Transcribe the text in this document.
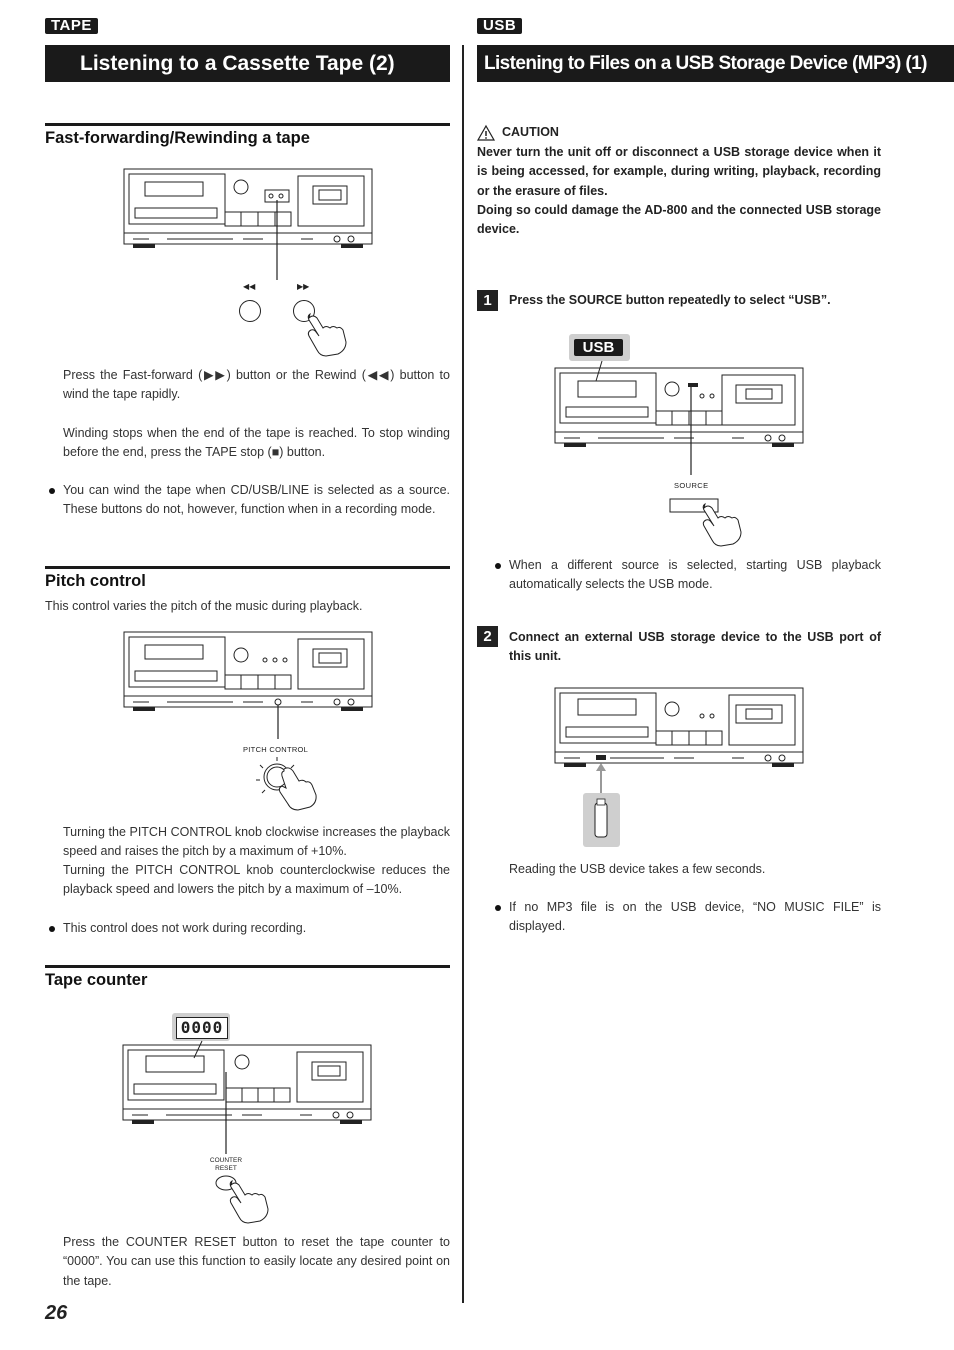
TAPE
Listening to a Cassette Tape (2)
Fast-forwarding/Rewinding a tape
◀◀	▶▶
Press the Fast-forward (▶▶) button or the Rewind (◀◀) button to wind the tape rapidly.
Winding stops when the end of the tape is reached. To stop winding before the end, press the TAPE stop (■) button.
You can wind the tape when CD/USB/LINE is selected as a source. These buttons do not, however, function when in a recording mode.
Pitch control
This control varies the pitch of the music during playback.
PITCH CONTROL
Turning the PITCH CONTROL knob clockwise increases the playback speed and raises the pitch by a maximum of +10%.
Turning the PITCH CONTROL knob counterclockwise reduces the playback speed and lowers the pitch by a maximum of –10%.
This control does not work during recording.
Tape counter
0000
COUNTER
RESET
Press the COUNTER RESET button to reset the tape counter to “0000”. You can use this function to easily locate any desired point on the tape.
26
USB
Listening to Files on a USB Storage Device (MP3) (1)
CAUTION
Never turn the unit off or disconnect a USB storage device when it is being accessed, for example, during writing, playback, recording or the erasure of files.
Doing so could damage the AD-800 and the connected USB storage device.
1	Press the SOURCE button repeatedly to select “USB”.
USB
SOURCE
When a different source is selected, starting USB playback automatically selects the USB mode.
2	Connect an external USB storage device to the USB port of this unit.
Reading the USB device takes a few seconds.
If no MP3 file is on the USB device, “NO MUSIC FILE” is displayed.
